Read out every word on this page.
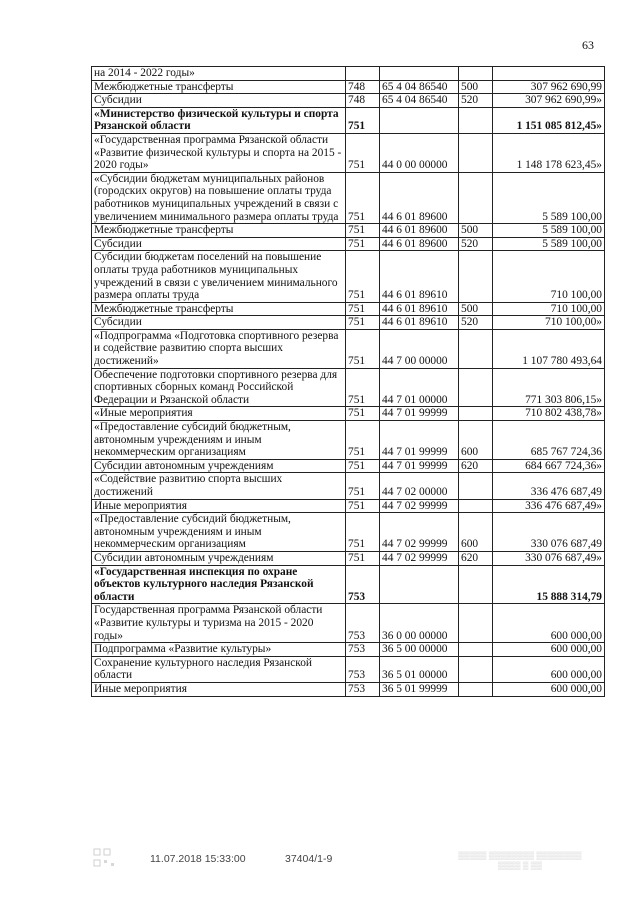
63
на 2014 - 2022 годы»				
Межбюджетные трансферты	748	65 4 04 86540	500	307 962 690,99
Субсидии	748	65 4 04 86540	520	307 962 690,99»
«Министерство физической культуры и спорта Рязанской области	751			1 151 085 812,45»
«Государственная программа Рязанской области «Развитие физической культуры и спорта на 2015 - 2020 годы»	751	44 0 00 00000		1 148 178 623,45»
«Субсидии бюджетам муниципальных районов (городских округов) на повышение оплаты труда работников муниципальных учреждений в связи с увеличением минимального размера оплаты труда	751	44 6 01 89600		5 589 100,00
Межбюджетные трансферты	751	44 6 01 89600	500	5 589 100,00
Субсидии	751	44 6 01 89600	520	5 589 100,00
Субсидии бюджетам поселений на повышение оплаты труда работников муниципальных учреждений в связи с увеличением минимального размера оплаты труда	751	44 6 01 89610		710 100,00
Межбюджетные трансферты	751	44 6 01 89610	500	710 100,00
Субсидии	751	44 6 01 89610	520	710 100,00»
«Подпрограмма «Подготовка спортивного резерва и содействие развитию спорта высших достижений»	751	44 7 00 00000		1 107 780 493,64
Обеспечение подготовки спортивного резерва для спортивных сборных команд Российской Федерации и Рязанской области	751	44 7 01 00000		771 303 806,15»
«Иные мероприятия	751	44 7 01 99999		710 802 438,78»
«Предоставление субсидий бюджетным, автономным учреждениям и иным некоммерческим организациям	751	44 7 01 99999	600	685 767 724,36
Субсидии автономным учреждениям	751	44 7 01 99999	620	684 667 724,36»
«Содействие развитию спорта высших достижений	751	44 7 02 00000		336 476 687,49
Иные мероприятия	751	44 7 02 99999		336 476 687,49»
«Предоставление субсидий бюджетным, автономным учреждениям и иным некоммерческим организациям	751	44 7 02 99999	600	330 076 687,49
Субсидии автономным учреждениям	751	44 7 02 99999	620	330 076 687,49»
«Государственная инспекция по охране объектов культурного наследия Рязанской области	753			15 888 314,79
Государственная программа Рязанской области «Развитие культуры и туризма на 2015 - 2020 годы»	753	36 0 00 00000		600 000,00
Подпрограмма «Развитие культуры»	753	36 5 00 00000		600 000,00
Сохранение культурного наследия Рязанской области	753	36 5 01 00000		600 000,00
Иные мероприятия	753	36 5 01 99999		600 000,00
11.07.2018 15:33:00	37404/1-9	▒▒▒▒▒ ▒▒▒▒▒▒▒▒ ▒▒▒▒▒▒▒▒ ▒▒▒▒ ▒ ▒▒
